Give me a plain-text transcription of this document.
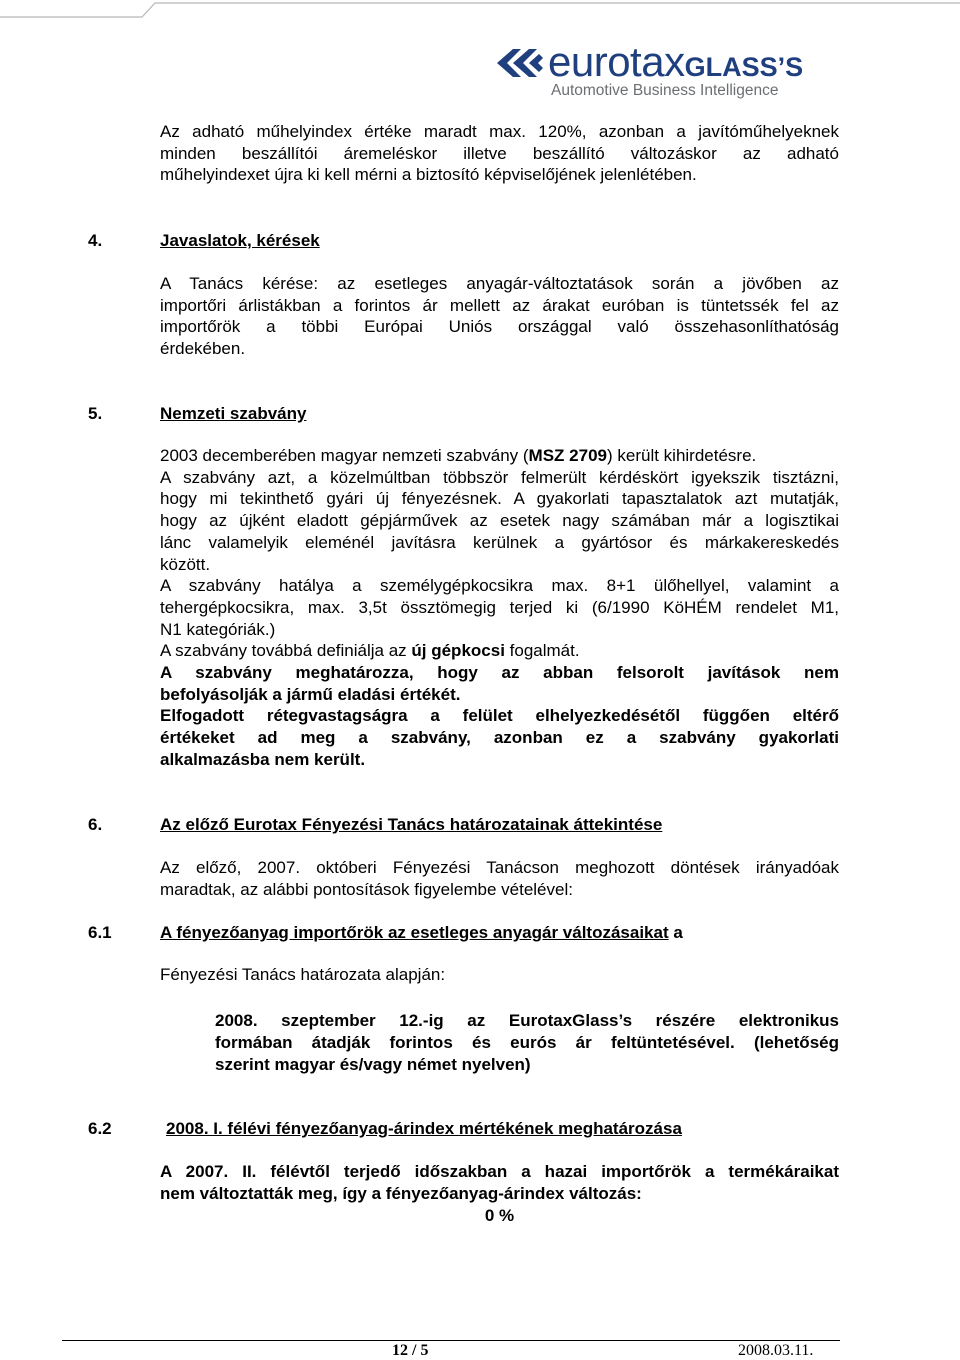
eurotaxGLASS’S
Automotive Business Intelligence
Az adható műhelyindex értéke maradt max. 120%, azonban a javítóműhelyeknek
minden beszállítói áremeléskor illetve beszállító változáskor az adható
műhelyindexet újra ki kell mérni a biztosító képviselőjének jelenlétében.
4.	Javaslatok, kérések
A Tanács kérése: az esetleges anyagár-változtatások során a jövőben az
importőri árlistákban a forintos ár mellett az árakat euróban is tüntetssék fel az
importőrök a többi Európai Uniós országgal való összehasonlíthatóság
érdekében.
5.	Nemzeti szabvány
2003 decemberében magyar nemzeti szabvány (MSZ 2709) került kihirdetésre.
A szabvány azt, a közelmúltban többször felmerült kérdéskört igyekszik tisztázni,
hogy mi tekinthető gyári új fényezésnek. A gyakorlati tapasztalatok azt mutatják,
hogy az újként eladott gépjárművek az esetek nagy számában már a logisztikai
lánc valamelyik eleménél javításra kerülnek a gyártósor és márkakereskedés
között.
A szabvány hatálya a személygépkocsikra max. 8+1 ülőhellyel, valamint a
tehergépkocsikra, max. 3,5t össztömegig terjed ki (6/1990 KöHÉM rendelet M1,
N1 kategóriák.)
A szabvány továbbá definiálja az új gépkocsi fogalmát.
A szabvány meghatározza, hogy az abban felsorolt javítások nem
befolyásolják a jármű eladási értékét.
Elfogadott rétegvastagságra a felület elhelyezkedésétől függően eltérő
értékeket ad meg a szabvány, azonban ez a szabvány gyakorlati
alkalmazásba nem került.
6.	Az előző Eurotax Fényezési Tanács határozatainak áttekintése
Az előző, 2007. októberi Fényezési Tanácson meghozott döntések irányadóak
maradtak, az alábbi pontosítások figyelembe vételével:
6.1	A fényezőanyag importőrök az esetleges anyagár változásaikat a
Fényezési Tanács határozata alapján:
2008. szeptember 12.-ig az EurotaxGlass’s részére elektronikus
formában átadják forintos és eurós ár feltüntetésével. (lehetőség
szerint magyar és/vagy német nyelven)
6.2	2008. I. félévi fényezőanyag-árindex mértékének meghatározása
A 2007. II. félévtől terjedő időszakban a hazai importőrök a termékáraikat
nem változtatták meg, így a fényezőanyag-árindex változás:
0 %
12 / 5	2008.03.11.
